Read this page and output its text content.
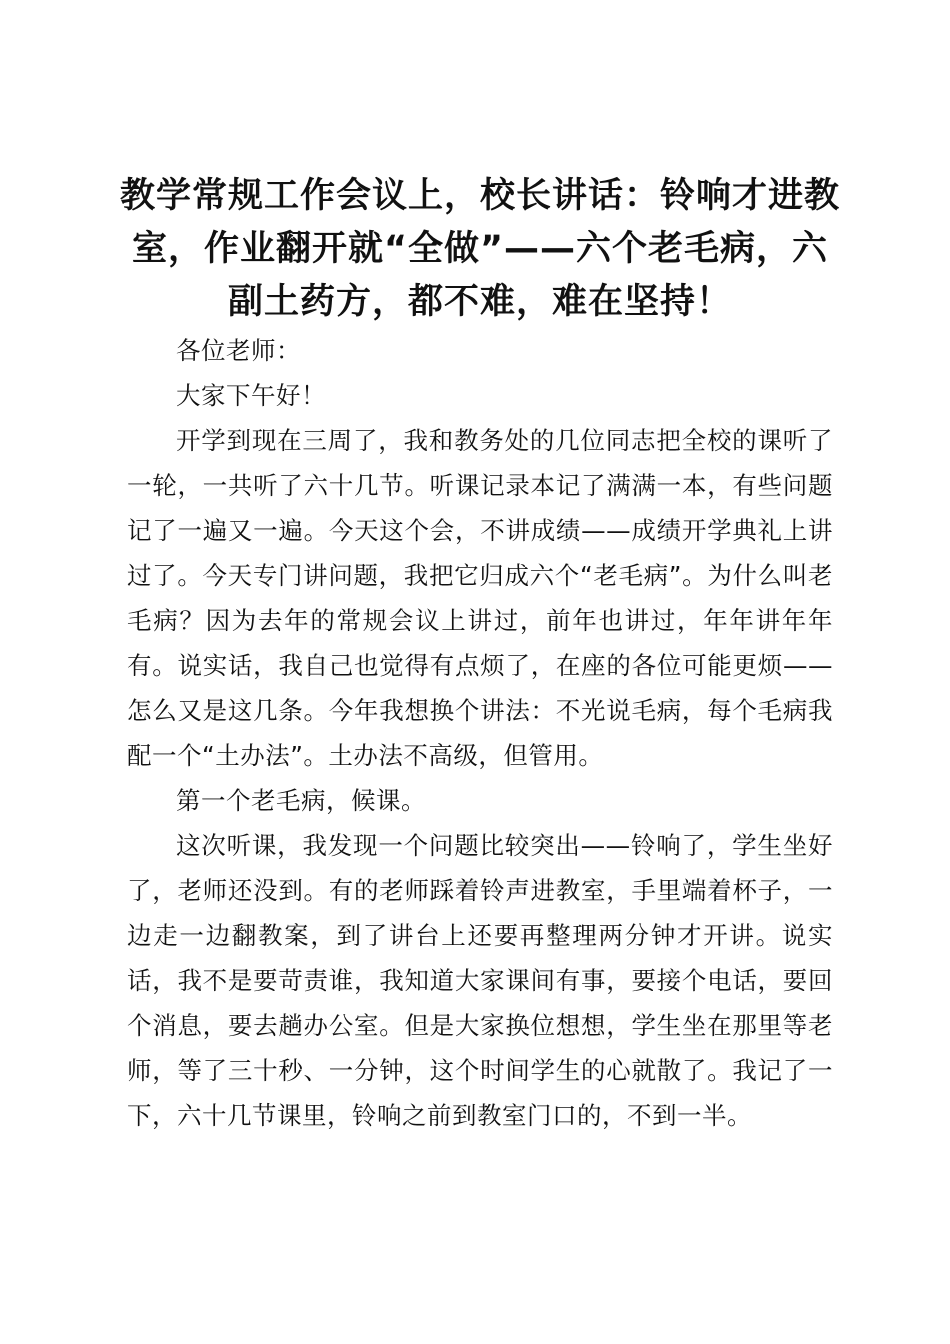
教学常规工作会议上，校长讲话：铃响才进教室，作业翻开就“全做”——六个老毛病，六副土药方，都不难，难在坚持！

各位老师：

大家下午好！

开学到现在三周了，我和教务处的几位同志把全校的课听了一轮，一共听了六十几节。听课记录本记了满满一本，有些问题记了一遍又一遍。今天这个会，不讲成绩——成绩开学典礼上讲过了。今天专门讲问题，我把它归成六个“老毛病”。为什么叫老毛病？因为去年的常规会议上讲过，前年也讲过，年年讲年年有。说实话，我自己也觉得有点烦了，在座的各位可能更烦——怎么又是这几条。今年我想换个讲法：不光说毛病，每个毛病我配一个“土办法”。土办法不高级，但管用。

第一个老毛病，候课。

这次听课，我发现一个问题比较突出——铃响了，学生坐好了，老师还没到。有的老师踩着铃声进教室，手里端着杯子，一边走一边翻教案，到了讲台上还要再整理两分钟才开讲。说实话，我不是要苛责谁，我知道大家课间有事，要接个电话，要回个消息，要去趟办公室。但是大家换位想想，学生坐在那里等老师，等了三十秒、一分钟，这个时间学生的心就散了。我记了一下，六十几节课里，铃响之前到教室门口的，不到一半。
